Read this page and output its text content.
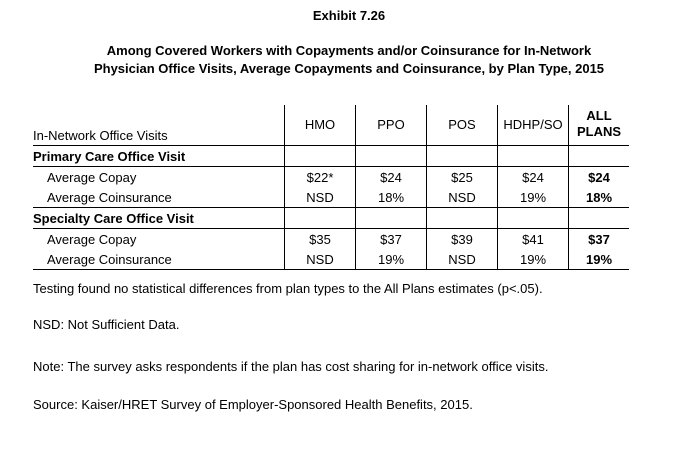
Exhibit 7.26
Among Covered Workers with Copayments and/or Coinsurance for In-Network
Physician Office Visits, Average Copayments and Coinsurance, by Plan Type, 2015
In-Network Office Visits	HMO	PPO	POS	HDHP/SO	ALL PLANS
Primary Care Office Visit					
Average Copay	$22*	$24	$25	$24	$24
Average Coinsurance	NSD	18%	NSD	19%	18%
Specialty Care Office Visit					
Average Copay	$35	$37	$39	$41	$37
Average Coinsurance	NSD	19%	NSD	19%	19%
Testing found no statistical differences from plan types to the All Plans estimates (p<.05).
NSD: Not Sufficient Data.
Note: The survey asks respondents if the plan has cost sharing for in-network office visits.
Source: Kaiser/HRET Survey of Employer-Sponsored Health Benefits, 2015.
